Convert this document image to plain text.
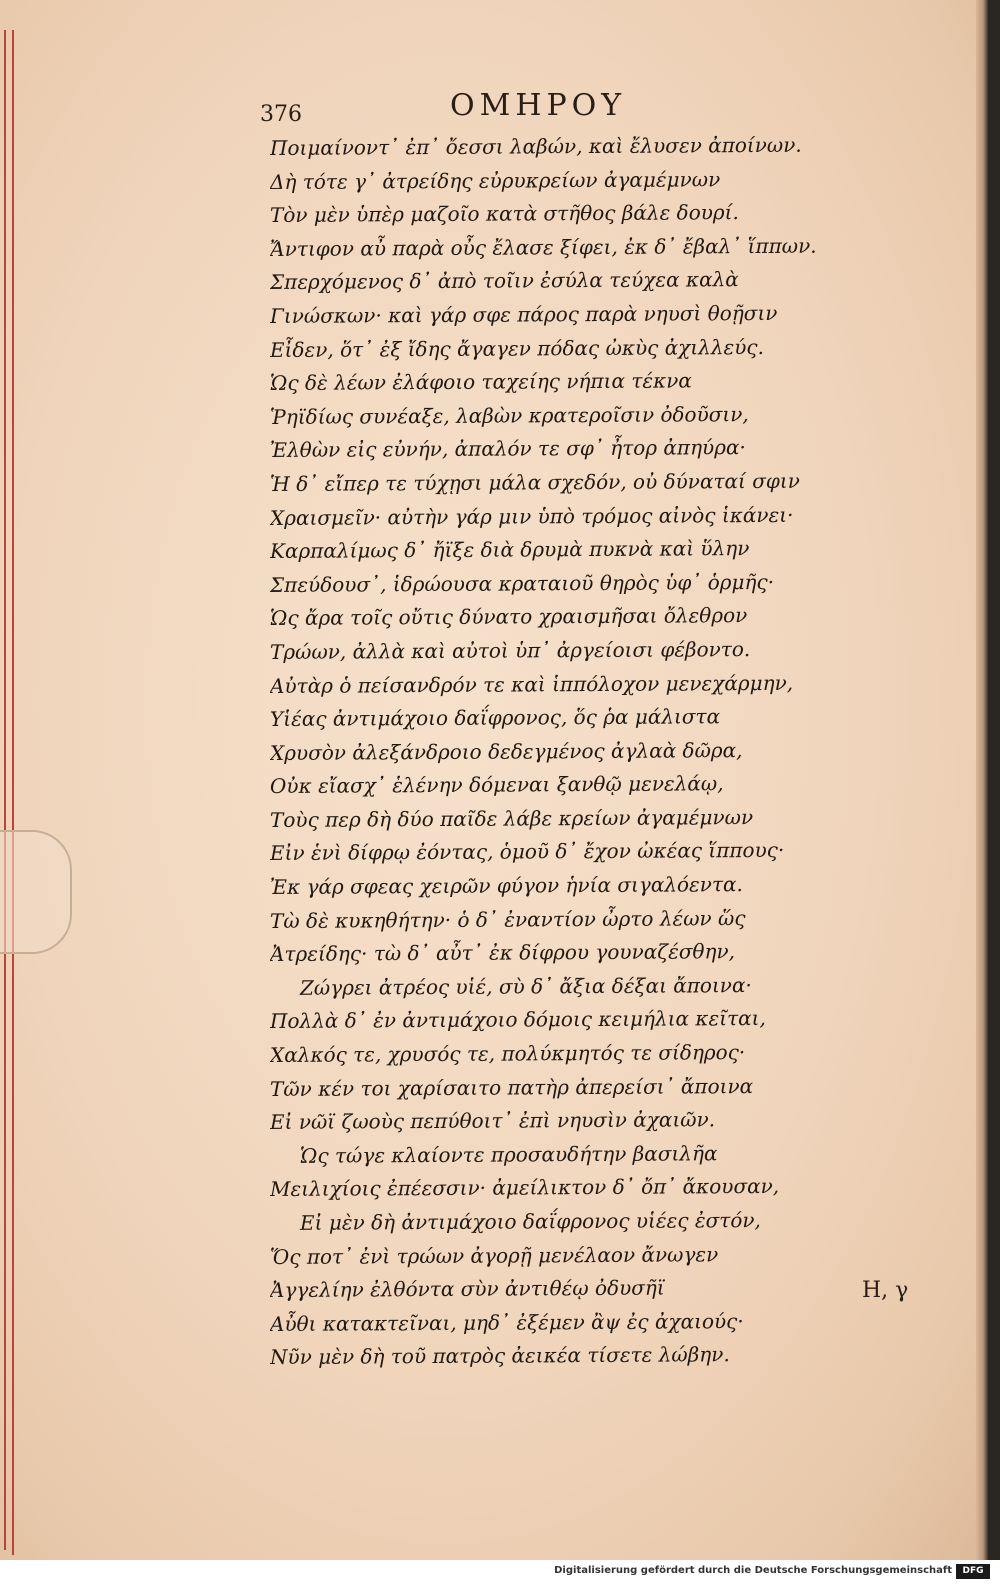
376	ΟΜΗΡΟΥ
Ποιμαίνοντ᾽ ἐπ᾽ ὄεσσι λαβών, καὶ ἔλυσεν ἀποίνων.
Δὴ τότε γ᾽ ἀτρείδης εὐρυκρείων ἀγαμέμνων
Τὸν μὲν ὑπὲρ μαζοῖο κατὰ στῆθος βάλε δουρί.
Ἄντιφον αὖ παρὰ οὖς ἔλασε ξίφει, ἐκ δ᾽ ἔβαλ᾽ ἵππων.
Σπερχόμενος δ᾽ ἀπὸ τοῖιν ἐσύλα τεύχεα καλὰ
Γινώσκων· καὶ γάρ σφε πάρος παρὰ νηυσὶ θοῇσιν
Εἶδεν, ὅτ᾽ ἐξ ἴδης ἄγαγεν πόδας ὠκὺς ἀχιλλεύς.
Ὡς δὲ λέων ἐλάφοιο ταχείης νήπια τέκνα
Ῥηϊδίως συνέαξε, λαβὼν κρατεροῖσιν ὀδοῦσιν,
Ἐλθὼν εἰς εὐνήν, ἀπαλόν τε σφ᾽ ἦτορ ἀπηύρα·
Ἡ δ᾽ εἴπερ τε τύχῃσι μάλα σχεδόν, οὐ δύναταί σφιν
Χραισμεῖν· αὐτὴν γάρ μιν ὑπὸ τρόμος αἰνὸς ἱκάνει·
Καρπαλίμως δ᾽ ἤϊξε διὰ δρυμὰ πυκνὰ καὶ ὕλην
Σπεύδουσ᾽, ἱδρώουσα κραταιοῦ θηρὸς ὑφ᾽ ὁρμῆς·
Ὡς ἄρα τοῖς οὔτις δύνατο χραισμῆσαι ὄλεθρον
Τρώων, ἀλλὰ καὶ αὐτοὶ ὑπ᾽ ἀργείοισι φέβοντο.
Αὐτὰρ ὁ πείσανδρόν τε καὶ ἱππόλοχον μενεχάρμην,
Υἱέας ἀντιμάχοιο δαΐφρονος, ὅς ῥα μάλιστα
Χρυσὸν ἀλεξάνδροιο δεδεγμένος ἀγλαὰ δῶρα,
Οὐκ εἴασχ᾽ ἑλένην δόμεναι ξανθῷ μενελάῳ,
Τοὺς περ δὴ δύο παῖδε λάβε κρείων ἀγαμέμνων
Εἰν ἑνὶ δίφρῳ ἐόντας, ὁμοῦ δ᾽ ἔχον ὠκέας ἵππους·
Ἐκ γάρ σφεας χειρῶν φύγον ἡνία σιγαλόεντα.
Τὼ δὲ κυκηθήτην· ὁ δ᾽ ἐναντίον ὦρτο λέων ὥς
Ἀτρείδης· τὼ δ᾽ αὖτ᾽ ἐκ δίφρου γουναζέσθην,
Ζώγρει ἀτρέος υἱέ, σὺ δ᾽ ἄξια δέξαι ἄποινα·
Πολλὰ δ᾽ ἐν ἀντιμάχοιο δόμοις κειμήλια κεῖται,
Χαλκός τε, χρυσός τε, πολύκμητός τε σίδηρος·
Τῶν κέν τοι χαρίσαιτο πατὴρ ἀπερείσι᾽ ἄποινα
Εἰ νῶϊ ζωοὺς πεπύθοιτ᾽ ἐπὶ νηυσὶν ἀχαιῶν.
Ὡς τώγε κλαίοντε προσαυδήτην βασιλῆα
Μειλιχίοις ἐπέεσσιν· ἀμείλικτον δ᾽ ὄπ᾽ ἄκουσαν,
Εἰ μὲν δὴ ἀντιμάχοιο δαΐφρονος υἱέες ἐστόν,
Ὅς ποτ᾽ ἐνὶ τρώων ἀγορῇ μενέλαον ἄνωγεν
Ἀγγελίην ἐλθόντα σὺν ἀντιθέῳ ὀδυσῆϊ
Αὖθι κατακτεῖναι, μηδ᾽ ἐξέμεν ἂψ ἐς ἀχαιούς·
Νῦν μὲν δὴ τοῦ πατρὸς ἀεικέα τίσετε λώβην.
H, γ
Digitalisierung gefördert durch die Deutsche Forschungsgemeinschaft	DFG
